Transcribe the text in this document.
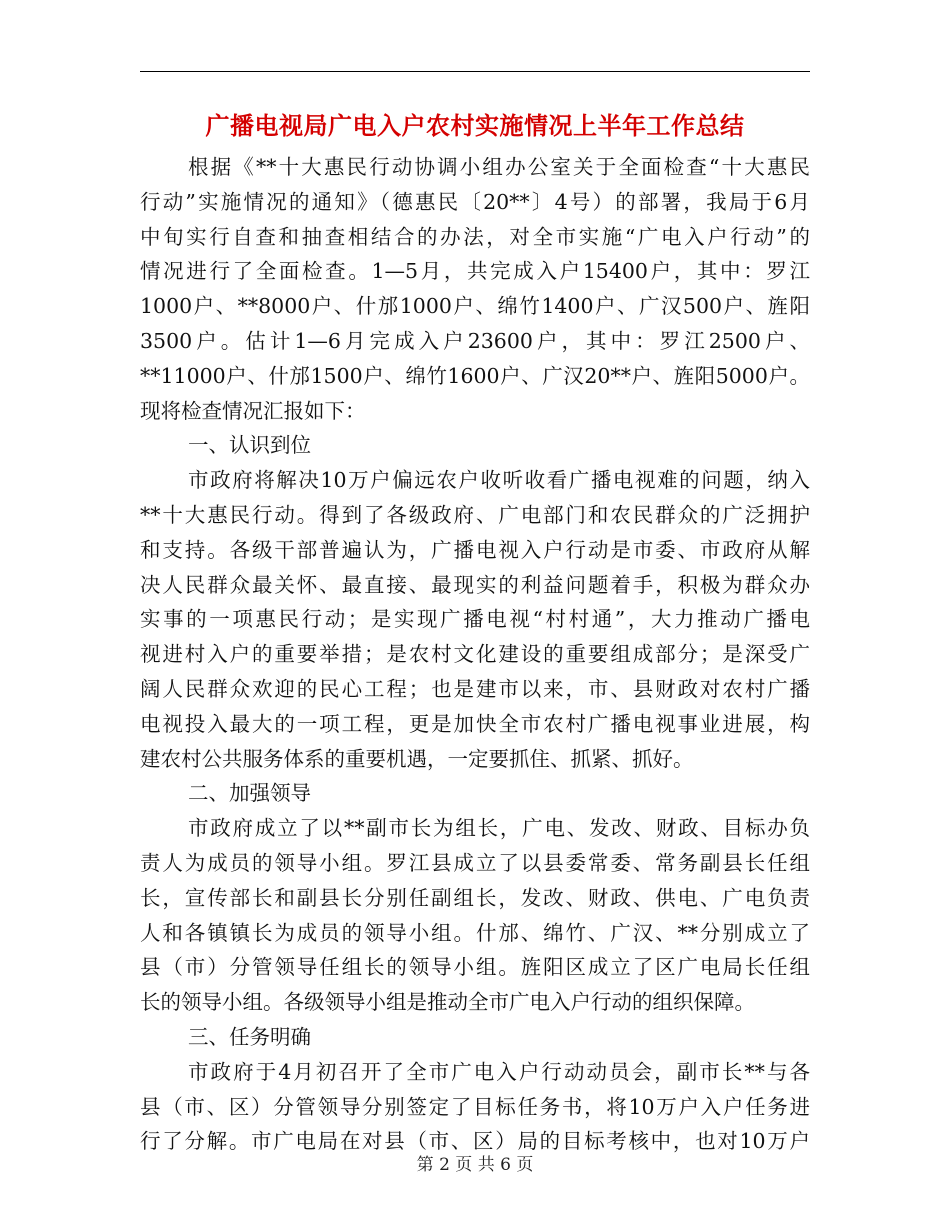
广播电视局广电入户农村实施情况上半年工作总结
根据《**十大惠民行动协调小组办公室关于全面检查“十大惠民
行动”实施情况的通知》（德惠民〔20**〕4号）的部署，我局于6月
中旬实行自查和抽查相结合的办法，对全市实施“广电入户行动”的
情况进行了全面检查。1—5月，共完成入户15400户，其中：罗江
1000户、**8000户、什邡1000户、绵竹1400户、广汉500户、旌阳
3500户。估计1—6月完成入户23600户，其中：罗江2500户、
**11000户、什邡1500户、绵竹1600户、广汉20**户、旌阳5000户。
现将检查情况汇报如下：
一、认识到位
市政府将解决10万户偏远农户收听收看广播电视难的问题，纳入
**十大惠民行动。得到了各级政府、广电部门和农民群众的广泛拥护
和支持。各级干部普遍认为，广播电视入户行动是市委、市政府从解
决人民群众最关怀、最直接、最现实的利益问题着手，积极为群众办
实事的一项惠民行动；是实现广播电视“村村通”，大力推动广播电
视进村入户的重要举措；是农村文化建设的重要组成部分；是深受广
阔人民群众欢迎的民心工程；也是建市以来，市、县财政对农村广播
电视投入最大的一项工程，更是加快全市农村广播电视事业进展，构
建农村公共服务体系的重要机遇，一定要抓住、抓紧、抓好。
二、加强领导
市政府成立了以**副市长为组长，广电、发改、财政、目标办负
责人为成员的领导小组。罗江县成立了以县委常委、常务副县长任组
长，宣传部长和副县长分别任副组长，发改、财政、供电、广电负责
人和各镇镇长为成员的领导小组。什邡、绵竹、广汉、**分别成立了
县（市）分管领导任组长的领导小组。旌阳区成立了区广电局长任组
长的领导小组。各级领导小组是推动全市广电入户行动的组织保障。
三、任务明确
市政府于4月初召开了全市广电入户行动动员会，副市长**与各
县（市、区）分管领导分别签定了目标任务书，将10万户入户任务进
行了分解。市广电局在对县（市、区）局的目标考核中，也对10万户
第 2 页 共 6 页
